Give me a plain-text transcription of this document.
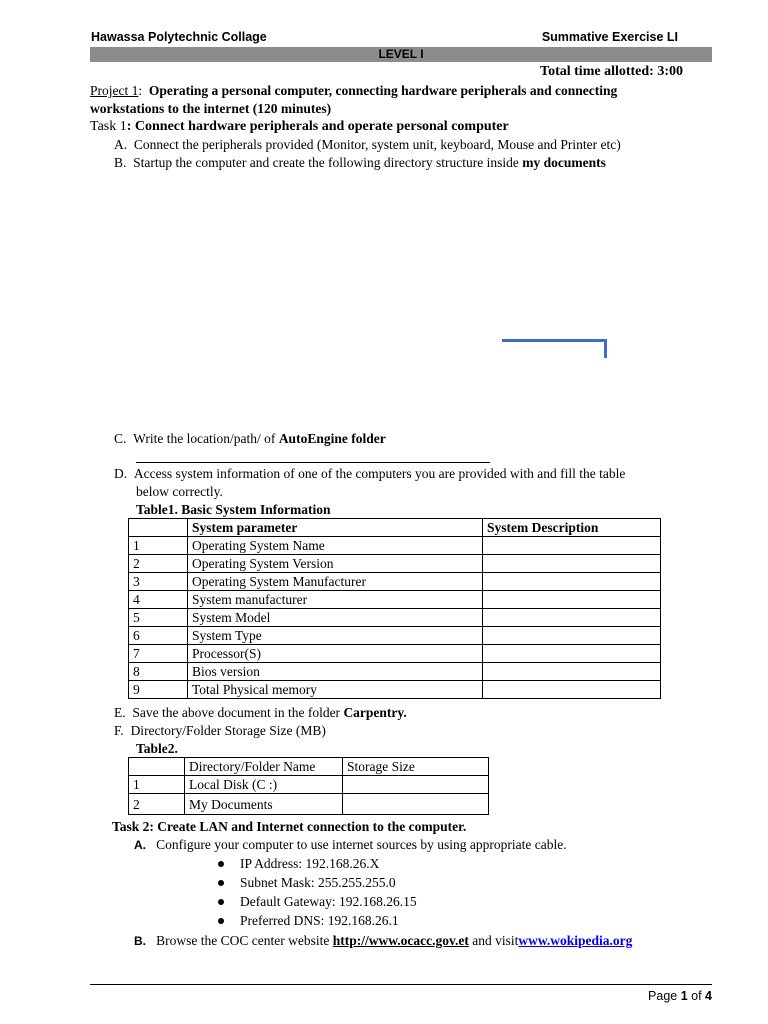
Hawassa Polytechnic Collage	Summative Exercise LI
LEVEL I
Total time allotted: 3:00
Project 1: Operating a personal computer, connecting hardware peripherals and connecting
workstations to the internet (120 minutes)
Task 1: Connect hardware peripherals and operate personal computer
A. Connect the peripherals provided (Monitor, system unit, keyboard, Mouse and Printer etc)
B. Startup the computer and create the following directory structure inside my documents
C. Write the location/path/ of AutoEngine folder
D. Access system information of one of the computers you are provided with and fill the table
below correctly.
Table1. Basic System Information
	System parameter	System Description
1	Operating System Name	
2	Operating System Version	
3	Operating System Manufacturer	
4	System manufacturer	
5	System Model	
6	System Type	
7	Processor(S)	
8	Bios version	
9	Total Physical memory	
E. Save the above document in the folder Carpentry.
F. Directory/Folder Storage Size (MB)
Table2.
	Directory/Folder Name	Storage Size
1	Local Disk (C :)	
2	My Documents	
Task 2: Create LAN and Internet connection to the computer.
A. Configure your computer to use internet sources by using appropriate cable.
IP Address: 192.168.26.X
Subnet Mask: 255.255.255.0
Default Gateway: 192.168.26.15
Preferred DNS: 192.168.26.1
B. Browse the COC center website http://www.ocacc.gov.et and visitwww.wokipedia.org
Page 1 of 4
